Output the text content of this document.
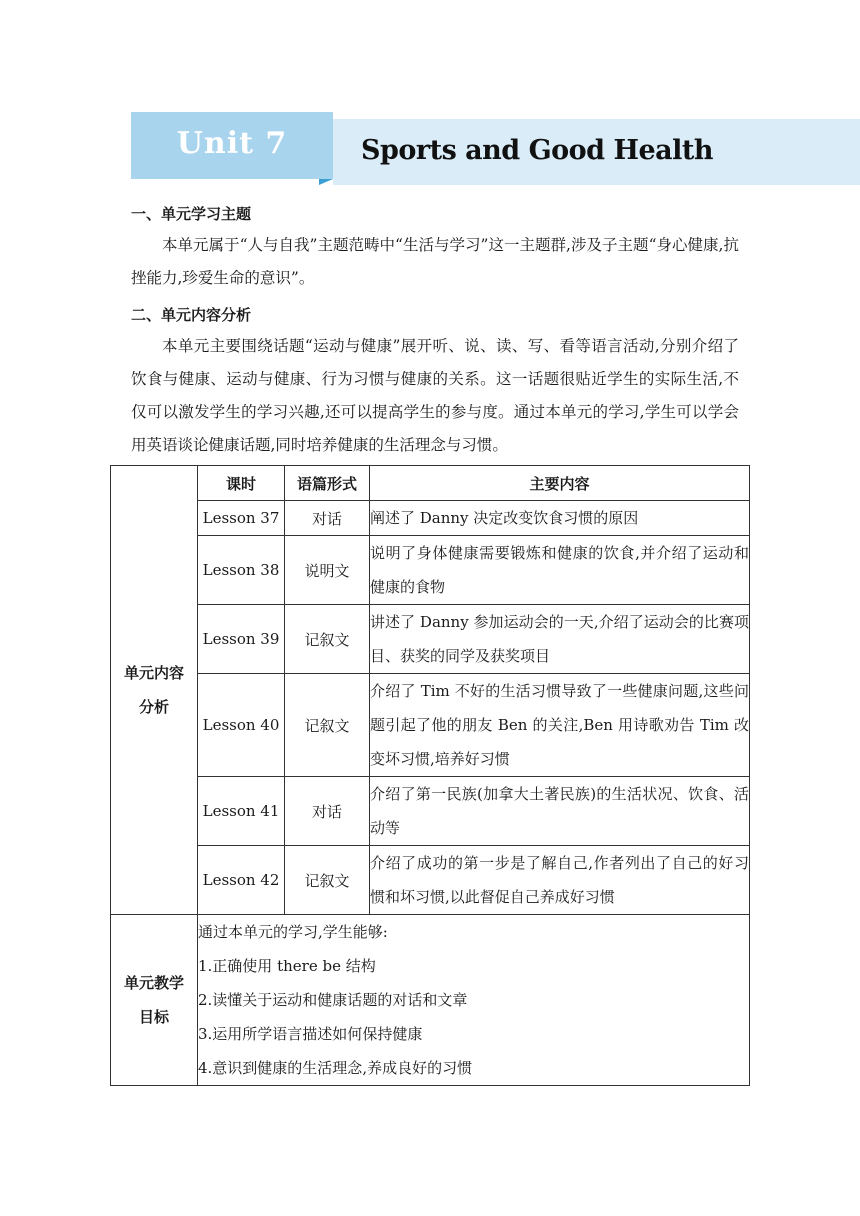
Unit 7	Sports and Good Health
一、单元学习主题
本单元属于“人与自我”主题范畴中“生活与学习”这一主题群,涉及子主题“身心健康,抗挫能力,珍爱生命的意识”。
二、单元内容分析
本单元主要围绕话题“运动与健康”展开听、说、读、写、看等语言活动,分别介绍了饮食与健康、运动与健康、行为习惯与健康的关系。这一话题很贴近学生的实际生活,不仅可以激发学生的学习兴趣,还可以提高学生的参与度。通过本单元的学习,学生可以学会用英语谈论健康话题,同时培养健康的生活理念与习惯。
单元内容分析	课时	语篇形式	主要内容
	Lesson 37	对话	阐述了 Danny 决定改变饮食习惯的原因
	Lesson 38	说明文	说明了身体健康需要锻炼和健康的饮食,并介绍了运动和健康的食物
	Lesson 39	记叙文	讲述了 Danny 参加运动会的一天,介绍了运动会的比赛项目、获奖的同学及获奖项目
	Lesson 40	记叙文	介绍了 Tim 不好的生活习惯导致了一些健康问题,这些问题引起了他的朋友 Ben 的关注,Ben 用诗歌劝告 Tim 改变坏习惯,培养好习惯
	Lesson 41	对话	介绍了第一民族(加拿大土著民族)的生活状况、饮食、活动等
	Lesson 42	记叙文	介绍了成功的第一步是了解自己,作者列出了自己的好习惯和坏习惯,以此督促自己养成好习惯

单元教学目标	通过本单元的学习,学生能够:
1.正确使用 there be 结构
2.读懂关于运动和健康话题的对话和文章
3.运用所学语言描述如何保持健康
4.意识到健康的生活理念,养成良好的习惯		
